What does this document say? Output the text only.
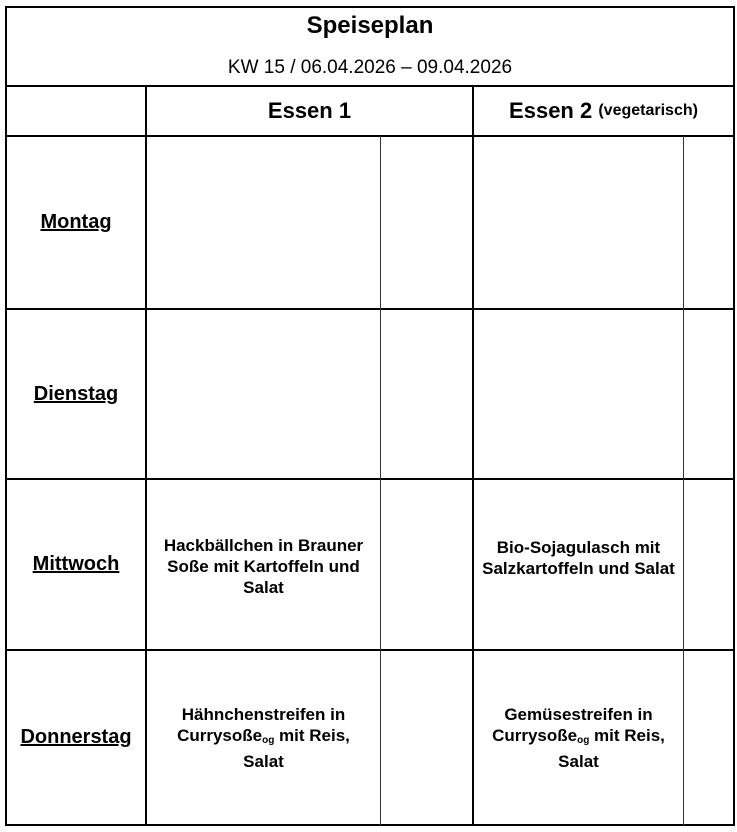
Speiseplan
KW 15 / 06.04.2026 – 09.04.2026
Essen 1	Essen 2
(vegetarisch)
Montag
Dienstag
Mittwoch
Donnerstag
Hackbällchen in Brauner Soße mit Kartoffeln und Salat
Bio-Sojagulasch mit Salzkartoffeln und Salat
Hähnchenstreifen in Currysoße$_{og}$ mit Reis, Salat
Gemüsestreifen in Currysoße$_{og}$ mit Reis, Salat
